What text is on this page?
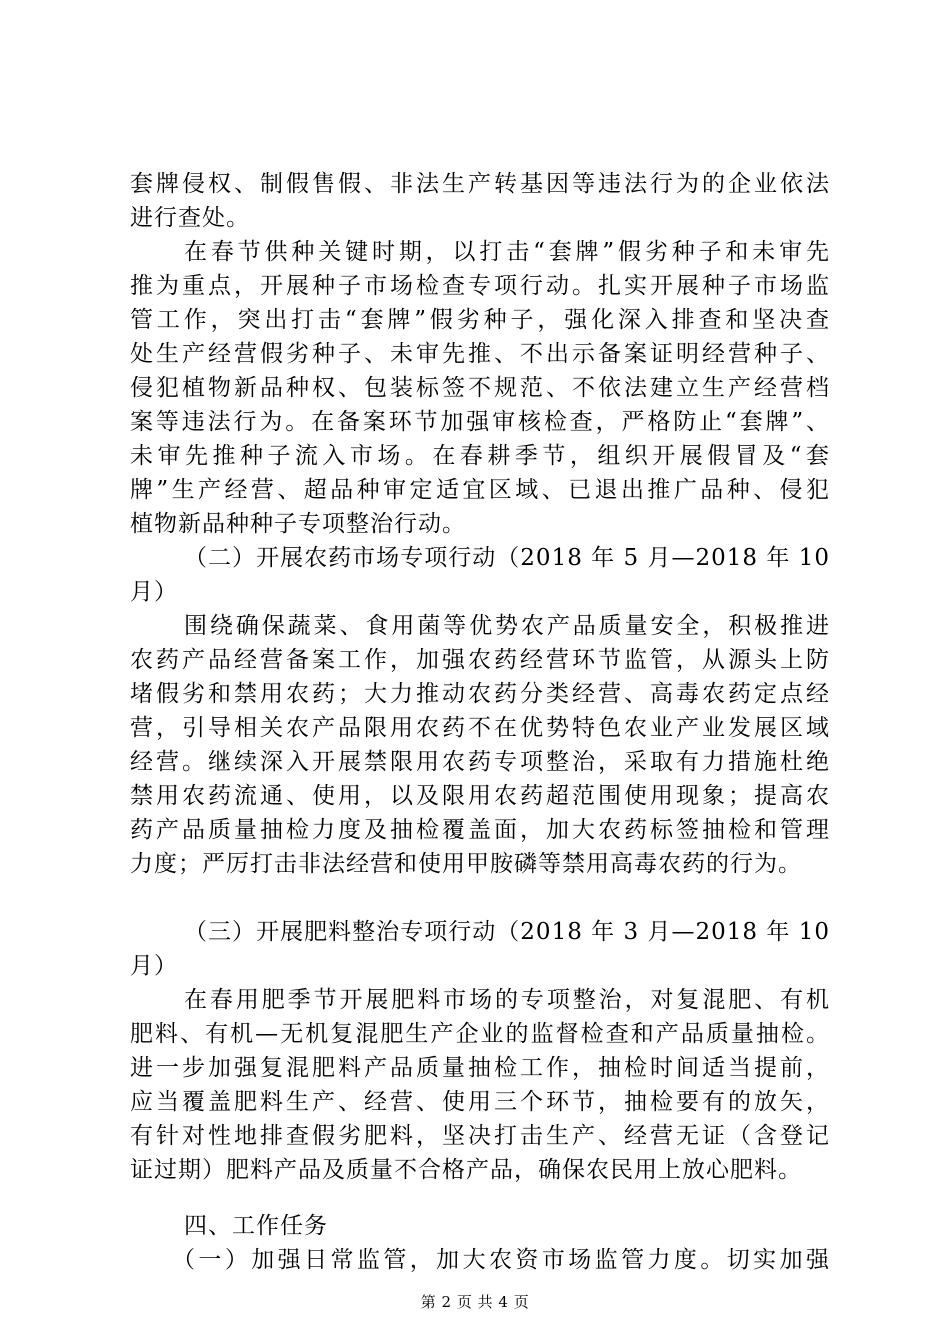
套牌侵权、制假售假、非法生产转基因等违法行为的企业依法
进行查处。
在春节供种关键时期，以打击“套牌”假劣种子和未审先
推为重点，开展种子市场检查专项行动。扎实开展种子市场监
管工作，突出打击“套牌”假劣种子，强化深入排查和坚决查
处生产经营假劣种子、未审先推、不出示备案证明经营种子、
侵犯植物新品种权、包装标签不规范、不依法建立生产经营档
案等违法行为。在备案环节加强审核检查，严格防止“套牌”、
未审先推种子流入市场。在春耕季节，组织开展假冒及“套
牌”生产经营、超品种审定适宜区域、已退出推广品种、侵犯
植物新品种种子专项整治行动。
（二）开展农药市场专项行动（2018 年 5 月—2018 年 10
月）
围绕确保蔬菜、食用菌等优势农产品质量安全，积极推进
农药产品经营备案工作，加强农药经营环节监管，从源头上防
堵假劣和禁用农药；大力推动农药分类经营、高毒农药定点经
营，引导相关农产品限用农药不在优势特色农业产业发展区域
经营。继续深入开展禁限用农药专项整治，采取有力措施杜绝
禁用农药流通、使用，以及限用农药超范围使用现象；提高农
药产品质量抽检力度及抽检覆盖面，加大农药标签抽检和管理
力度；严厉打击非法经营和使用甲胺磷等禁用高毒农药的行为。
（三）开展肥料整治专项行动（2018 年 3 月—2018 年 10
月）
在春用肥季节开展肥料市场的专项整治，对复混肥、有机
肥料、有机—无机复混肥生产企业的监督检查和产品质量抽检。
进一步加强复混肥料产品质量抽检工作，抽检时间适当提前，
应当覆盖肥料生产、经营、使用三个环节，抽检要有的放矢，
有针对性地排查假劣肥料，坚决打击生产、经营无证（含登记
证过期）肥料产品及质量不合格产品，确保农民用上放心肥料。
四、工作任务
（一）加强日常监管，加大农资市场监管力度。切实加强
第 2 页 共 4 页
